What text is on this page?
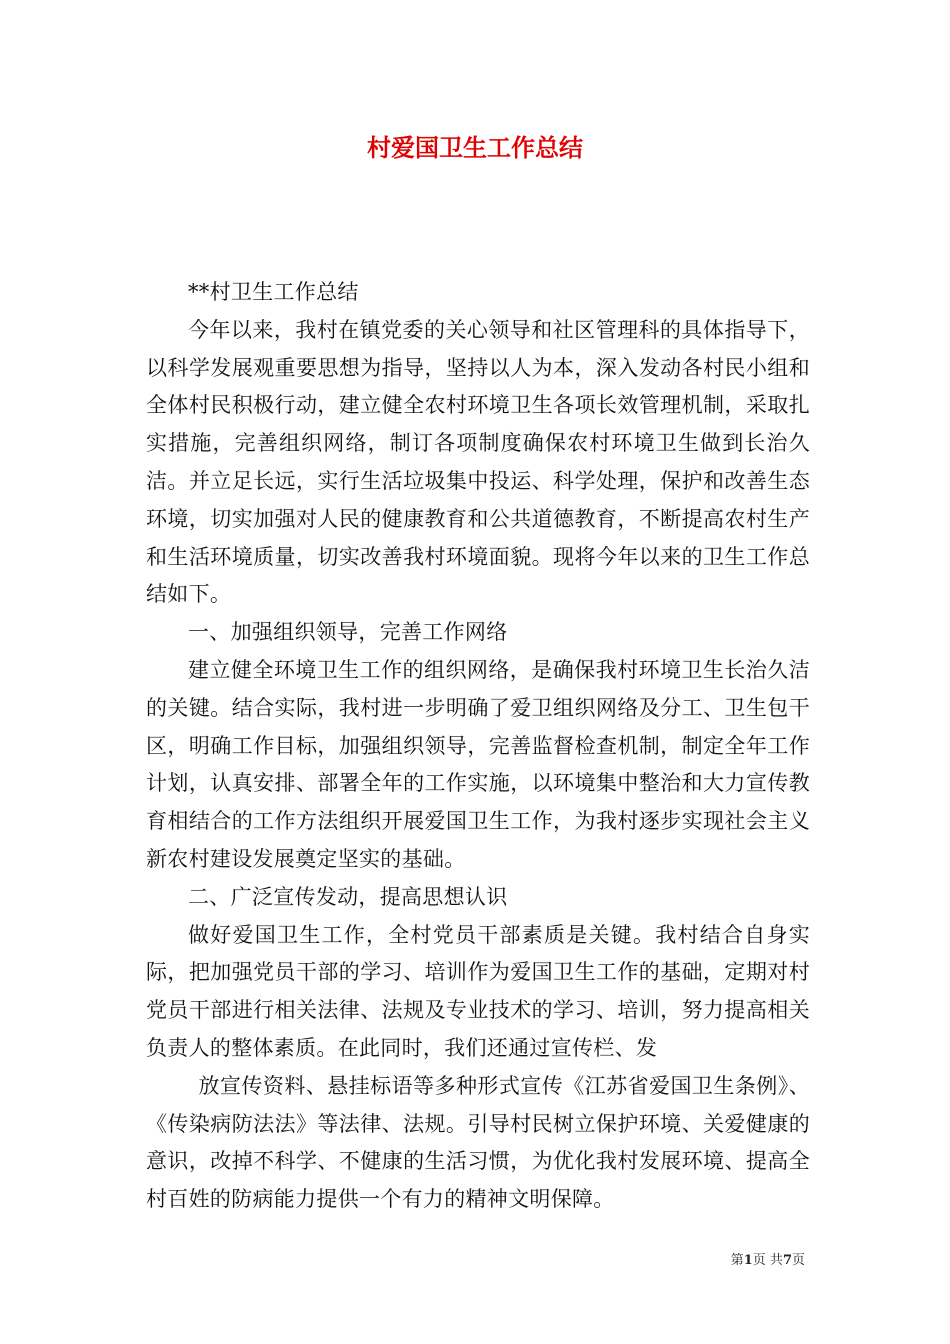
村爱国卫生工作总结

**村卫生工作总结

今年以来，我村在镇党委的关心领导和社区管理科的具体指导下，以科学发展观重要思想为指导，坚持以人为本，深入发动各村民小组和全体村民积极行动，建立健全农村环境卫生各项长效管理机制，采取扎实措施，完善组织网络，制订各项制度确保农村环境卫生做到长治久洁。并立足长远，实行生活垃圾集中投运、科学处理，保护和改善生态环境，切实加强对人民的健康教育和公共道德教育，不断提高农村生产和生活环境质量，切实改善我村环境面貌。现将今年以来的卫生工作总结如下。

一、加强组织领导，完善工作网络

建立健全环境卫生工作的组织网络，是确保我村环境卫生长治久洁的关键。结合实际，我村进一步明确了爱卫组织网络及分工、卫生包干区，明确工作目标，加强组织领导，完善监督检查机制，制定全年工作计划，认真安排、部署全年的工作实施，以环境集中整治和大力宣传教育相结合的工作方法组织开展爱国卫生工作，为我村逐步实现社会主义新农村建设发展奠定坚实的基础。

二、广泛宣传发动，提高思想认识

做好爱国卫生工作，全村党员干部素质是关键。我村结合自身实际，把加强党员干部的学习、培训作为爱国卫生工作的基础，定期对村党员干部进行相关法律、法规及专业技术的学习、培训，努力提高相关负责人的整体素质。在此同时，我们还通过宣传栏、发

放宣传资料、悬挂标语等多种形式宣传《江苏省爱国卫生条例》、《传染病防法法》等法律、法规。引导村民树立保护环境、关爱健康的意识，改掉不科学、不健康的生活习惯，为优化我村发展环境、提高全村百姓的防病能力提供一个有力的精神文明保障。

第1页 共7页
